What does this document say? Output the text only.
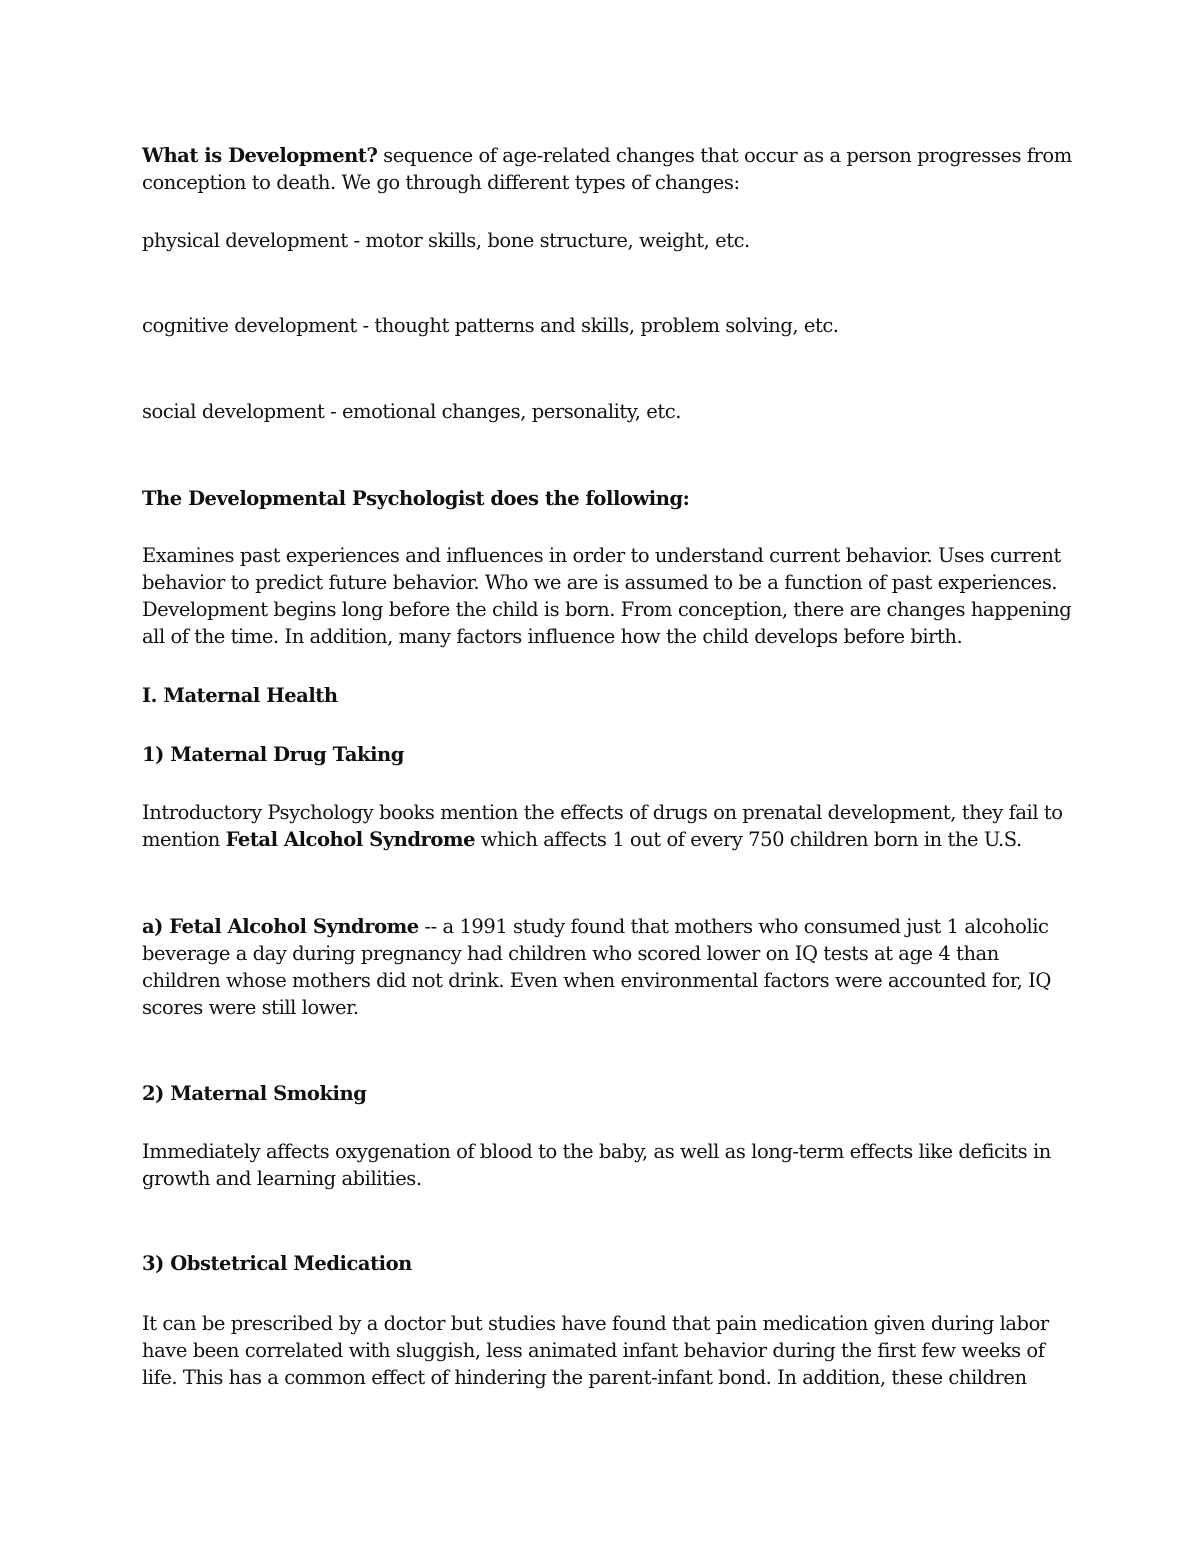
What is Development? sequence of age-related changes that occur as a person progresses from conception to death. We go through different types of changes:

physical development - motor skills, bone structure, weight, etc.

cognitive development - thought patterns and skills, problem solving, etc.

social development - emotional changes, personality, etc.

The Developmental Psychologist does the following:

Examines past experiences and influences in order to understand current behavior. Uses current behavior to predict future behavior. Who we are is assumed to be a function of past experiences. Development begins long before the child is born. From conception, there are changes happening all of the time. In addition, many factors influence how the child develops before birth.

I. Maternal Health

1) Maternal Drug Taking

Introductory Psychology books mention the effects of drugs on prenatal development, they fail to mention Fetal Alcohol Syndrome which affects 1 out of every 750 children born in the U.S.

a) Fetal Alcohol Syndrome -- a 1991 study found that mothers who consumed just 1 alcoholic beverage a day during pregnancy had children who scored lower on IQ tests at age 4 than children whose mothers did not drink. Even when environmental factors were accounted for, IQ scores were still lower.

2) Maternal Smoking

Immediately affects oxygenation of blood to the baby, as well as long-term effects like deficits in growth and learning abilities.

3) Obstetrical Medication

It can be prescribed by a doctor but studies have found that pain medication given during labor have been correlated with sluggish, less animated infant behavior during the first few weeks of life. This has a common effect of hindering the parent-infant bond. In addition, these children
